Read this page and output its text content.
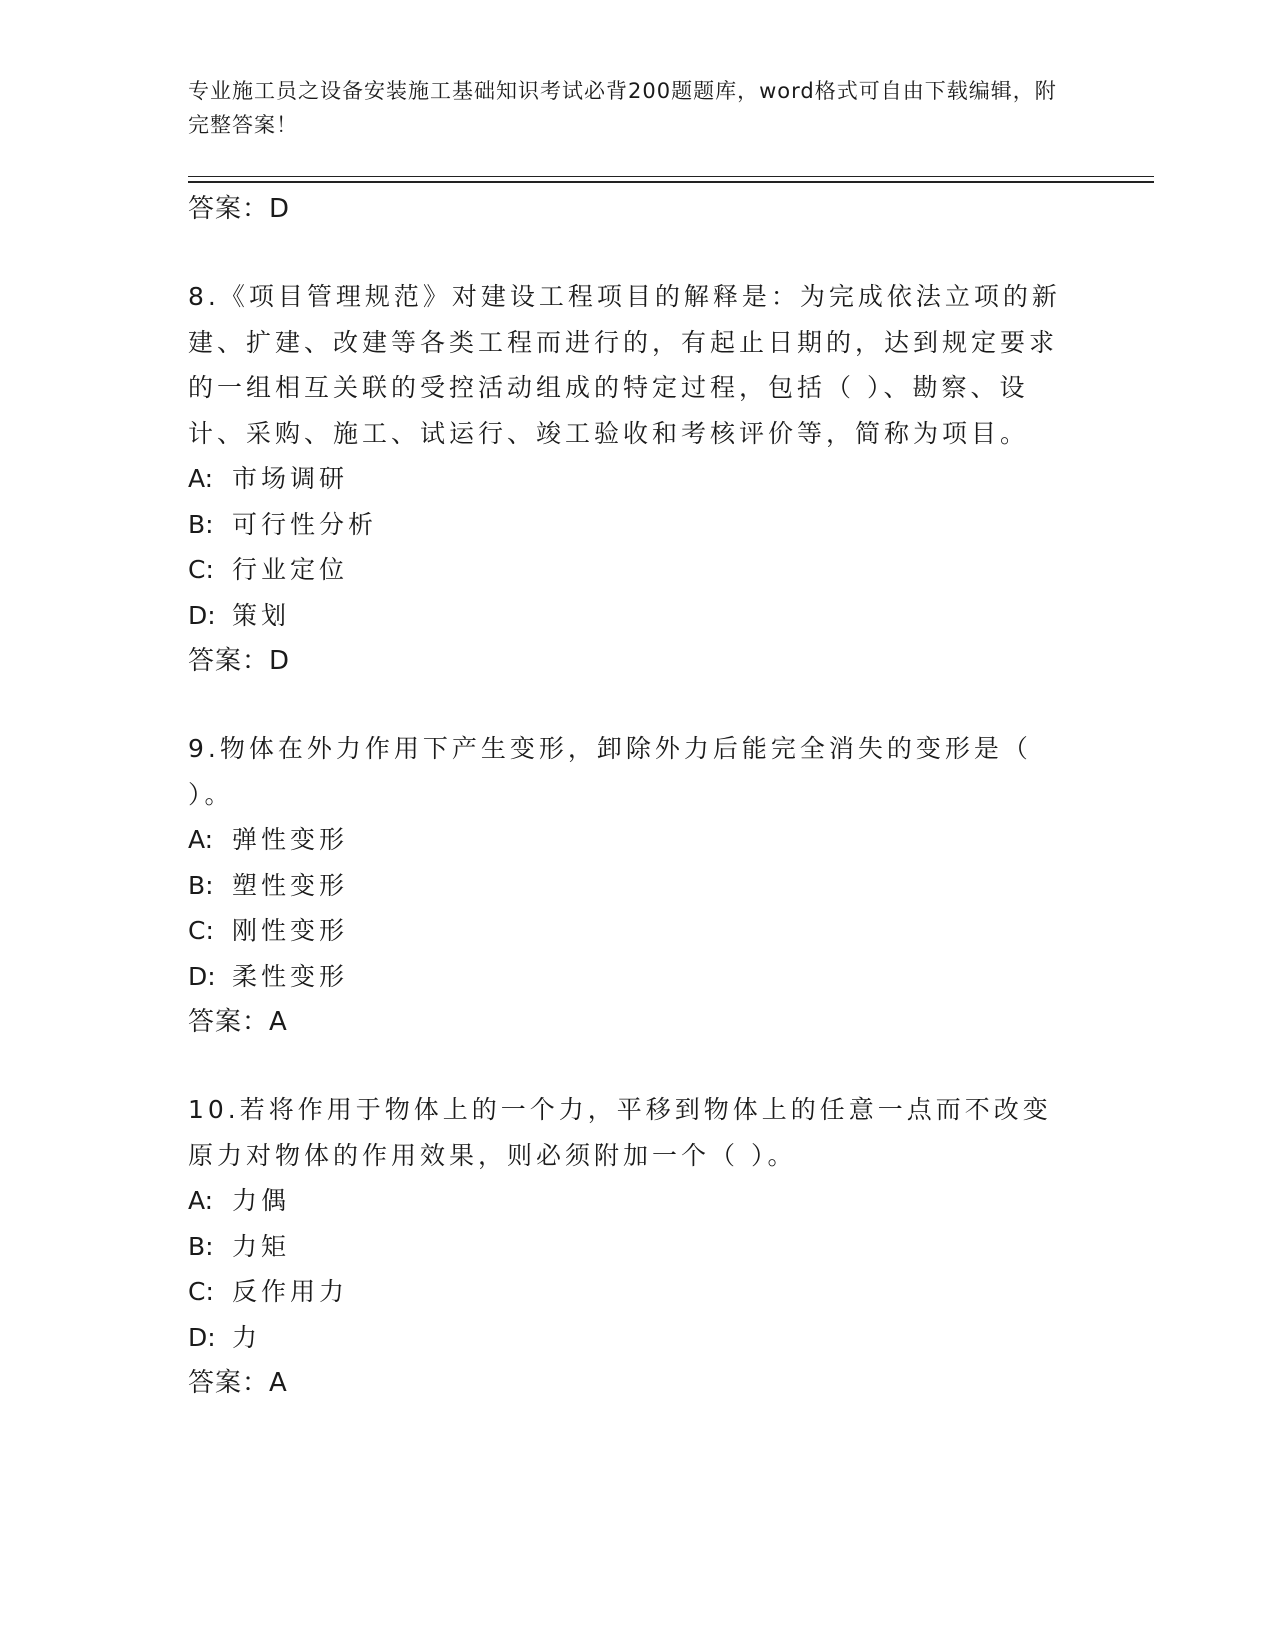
专业施工员之设备安装施工基础知识考试必背200题题库，word格式可自由下载编辑，附完整答案！
答案：D
8.《项目管理规范》对建设工程项目的解释是：为完成依法立项的新建、扩建、改建等各类工程而进行的，有起止日期的，达到规定要求的一组相互关联的受控活动组成的特定过程，包括（ ）、勘察、设计、采购、施工、试运行、竣工验收和考核评价等，简称为项目。
A: 市场调研
B: 可行性分析
C: 行业定位
D: 策划
答案：D
9.物体在外力作用下产生变形，卸除外力后能完全消失的变形是（ ）。
A: 弹性变形
B: 塑性变形
C: 刚性变形
D: 柔性变形
答案：A
10.若将作用于物体上的一个力，平移到物体上的任意一点而不改变原力对物体的作用效果，则必须附加一个（ ）。
A: 力偶
B: 力矩
C: 反作用力
D: 力
答案：A
